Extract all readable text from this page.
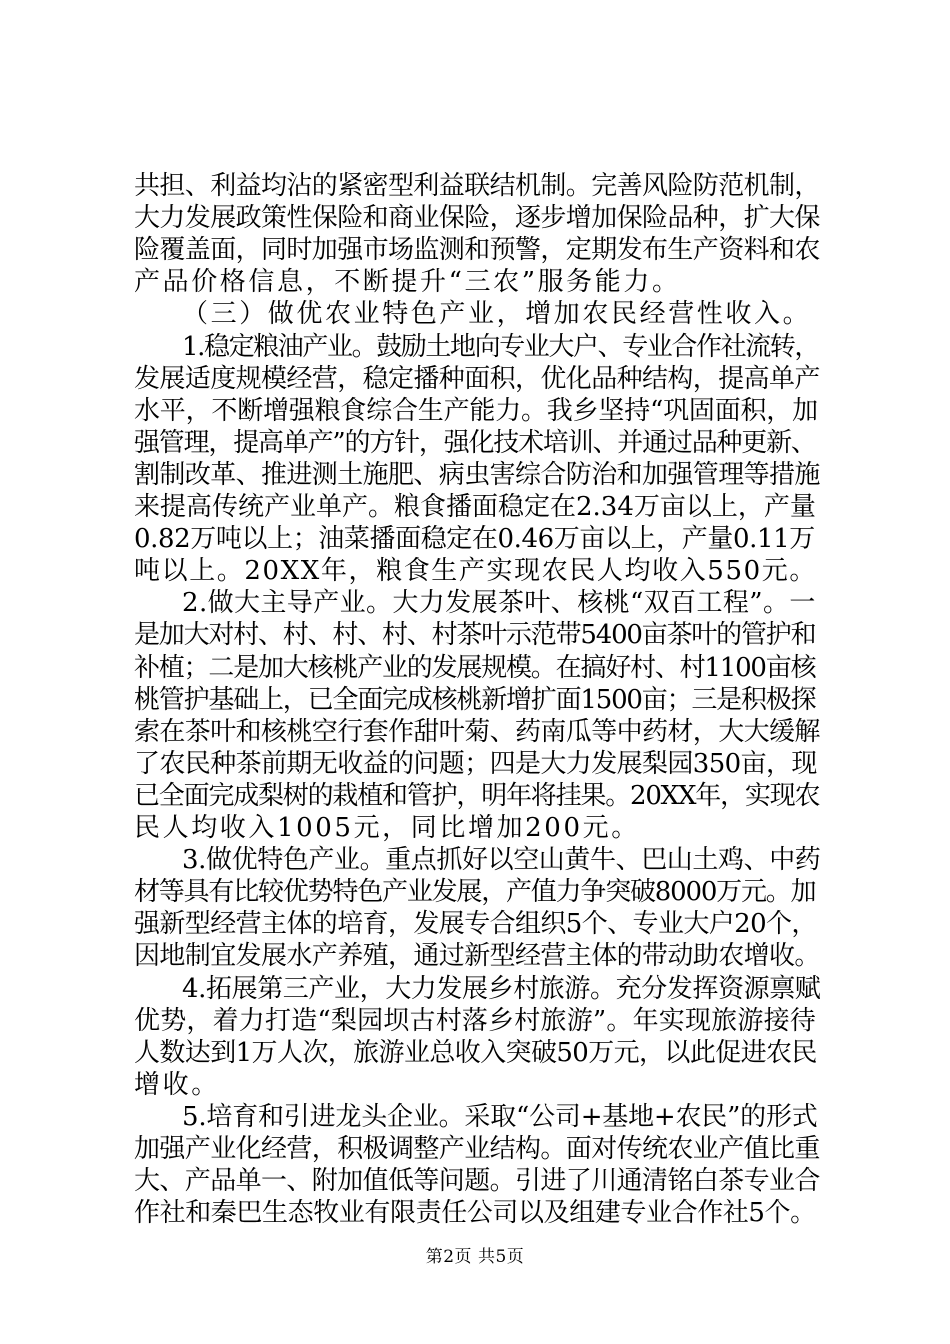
共担、利益均沾的紧密型利益联结机制。完善风险防范机制，
大力发展政策性保险和商业保险，逐步增加保险品种，扩大保
险覆盖面，同时加强市场监测和预警，定期发布生产资料和农
产品价格信息，不断提升“三农”服务能力。
（三）做优农业特色产业，增加农民经营性收入。
1.稳定粮油产业。鼓励土地向专业大户、专业合作社流转，
发展适度规模经营，稳定播种面积，优化品种结构，提高单产
水平，不断增强粮食综合生产能力。我乡坚持“巩固面积，加
强管理，提高单产”的方针，强化技术培训、并通过品种更新、
割制改革、推进测土施肥、病虫害综合防治和加强管理等措施
来提高传统产业单产。粮食播面稳定在2.34万亩以上，产量
0.82万吨以上；油菜播面稳定在0.46万亩以上，产量0.11万
吨以上。20XX年，粮食生产实现农民人均收入550元。
2.做大主导产业。大力发展茶叶、核桃“双百工程”。一
是加大对村、村、村、村、村茶叶示范带5400亩茶叶的管护和
补植；二是加大核桃产业的发展规模。在搞好村、村1100亩核
桃管护基础上，已全面完成核桃新增扩面1500亩；三是积极探
索在茶叶和核桃空行套作甜叶菊、药南瓜等中药材，大大缓解
了农民种茶前期无收益的问题；四是大力发展梨园350亩，现
已全面完成梨树的栽植和管护，明年将挂果。20XX年，实现农
民人均收入1005元，同比增加200元。
3.做优特色产业。重点抓好以空山黄牛、巴山土鸡、中药
材等具有比较优势特色产业发展，产值力争突破8000万元。加
强新型经营主体的培育，发展专合组织5个、专业大户20个，
因地制宜发展水产养殖，通过新型经营主体的带动助农增收。
4.拓展第三产业，大力发展乡村旅游。充分发挥资源禀赋
优势，着力打造“梨园坝古村落乡村旅游”。年实现旅游接待
人数达到1万人次，旅游业总收入突破50万元，以此促进农民
增收。
5.培育和引进龙头企业。采取“公司+基地+农民”的形式
加强产业化经营，积极调整产业结构。面对传统农业产值比重
大、产品单一、附加值低等问题。引进了川通清铭白茶专业合
作社和秦巴生态牧业有限责任公司以及组建专业合作社5个。
第2页 共5页
